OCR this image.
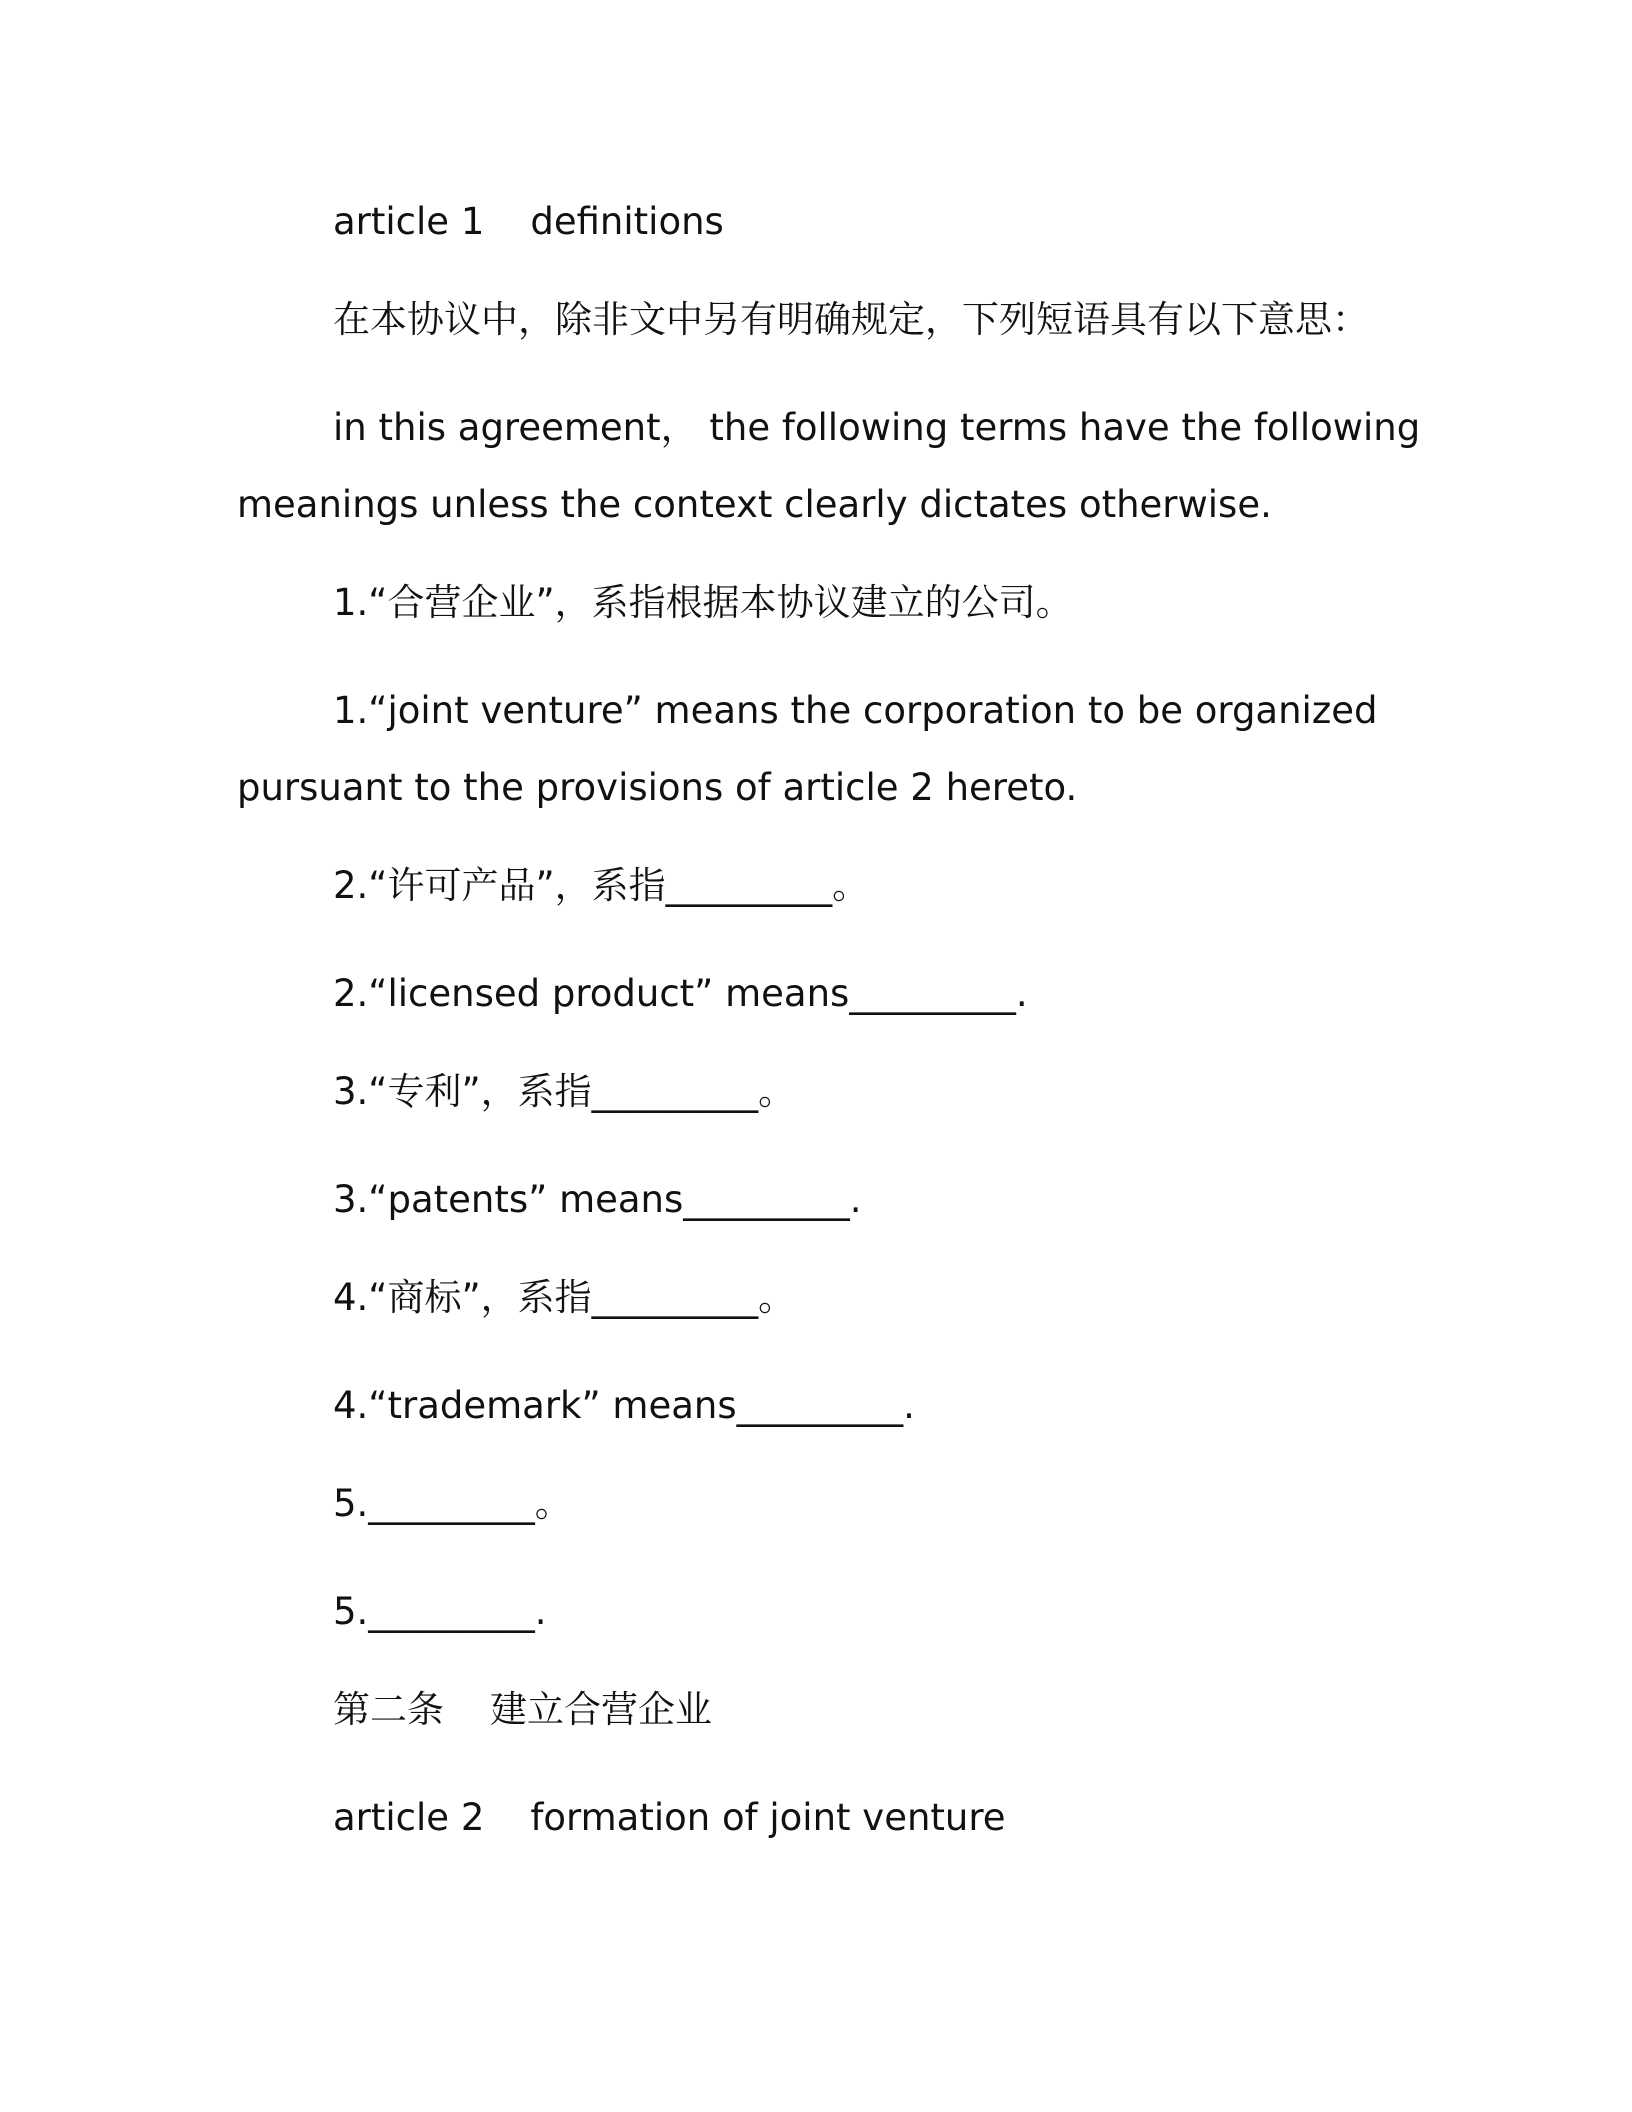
article 1 definitions

在本协议中，除非文中另有明确规定，下列短语具有以下意思：

in this agreement， the following terms have the following

meanings unless the context clearly dictates otherwise.

1.“合营企业”，系指根据本协议建立的公司。

1.“joint venture” means the corporation to be organized

pursuant to the provisions of article 2 hereto.

2.“许可产品”，系指_________。

2.“licensed product” means_________.

3.“专利”，系指_________。

3.“patents” means_________.

4.“商标”，系指_________。

4.“trademark” means_________.

5._________。

5._________.

第二条 建立合营企业

article 2 formation of joint venture
